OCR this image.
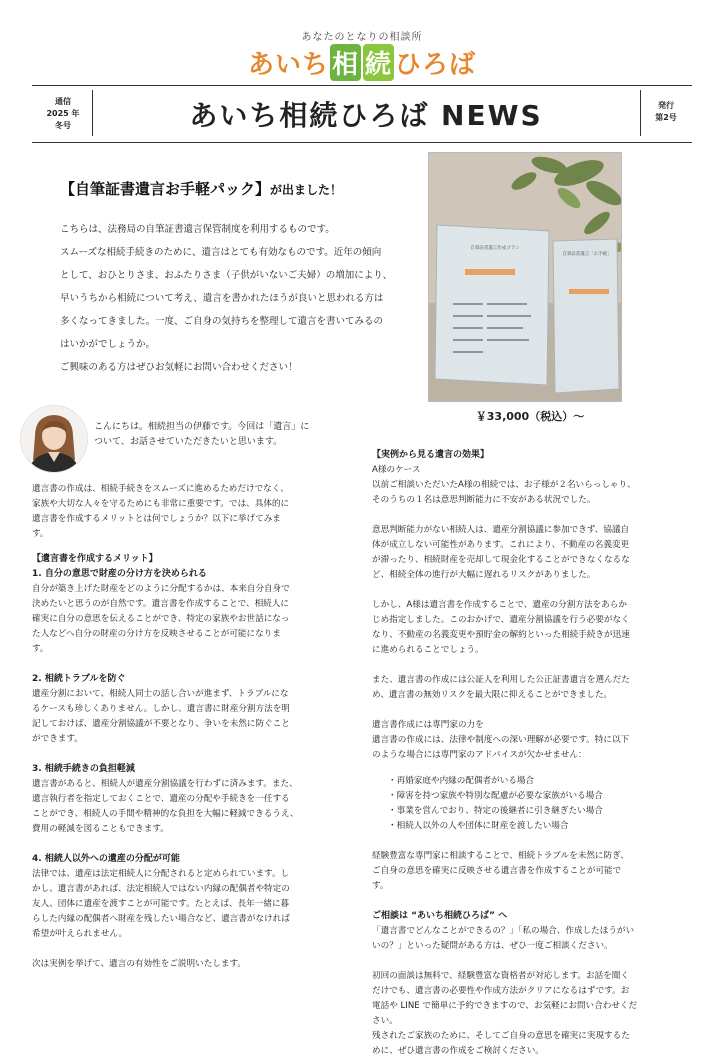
あなたのとなりの相談所
あいち 相 続 ひろば
通信
2025 年
冬号	あいち相続ひろば NEWS	発行
第2号
【自筆証書遺言お手軽パック】が出ました！
こちらは、法務局の自筆証書遺言保管制度を利用するものです。
スムーズな相続手続きのために、遺言はとても有効なものです。近年の傾向
として、おひとりさま、おふたりさま（子供がいないご夫婦）の増加により、
早いうちから相続について考え、遺言を書かれたほうが良いと思われる方は
多くなってきました。一度、ご自身の気持ちを整理して遺言を書いてみるの
はいかがでしょうか。
ご興味のある方はぜひお気軽にお問い合わせください！
自筆証書遺言作成プラン
自筆証書遺言「お手軽」
￥33,000（税込）～
こんにちは。相続担当の伊藤です。今回は「遺言」に
ついて、お話させていただきたいと思います。
遺言書の作成は、相続手続きをスムーズに進めるためだけでなく、
家族や大切な人々を守るためにも非常に重要です。では、具体的に
遺言書を作成するメリットとは何でしょうか？以下に挙げてみま
す。
【遺言書を作成するメリット】
1. 自分の意思で財産の分け方を決められる
自分が築き上げた財産をどのように分配するかは、本来自分自身で
決めたいと思うのが自然です。遺言書を作成することで、相続人に
確実に自分の意思を伝えることができ、特定の家族やお世話になっ
た人などへ自分の財産の分け方を反映させることが可能になりま
す。
2. 相続トラブルを防ぐ
遺産分割において、相続人同士の話し合いが進まず、トラブルにな
るケースも珍しくありません。しかし、遺言書に財産分割方法を明
記しておけば、遺産分割協議が不要となり、争いを未然に防ぐこと
ができます。
3. 相続手続きの負担軽減
遺言書があると、相続人が遺産分割協議を行わずに済みます。また、
遺言執行者を指定しておくことで、遺産の分配や手続きを一任する
ことができ、相続人の手間や精神的な負担を大幅に軽減できるうえ、
費用の軽減を図ることもできます。
4. 相続人以外への遺産の分配が可能
法律では、遺産は法定相続人に分配されると定められています。し
かし、遺言書があれば、法定相続人ではない内縁の配偶者や特定の
友人、団体に遺産を渡すことが可能です。たとえば、長年一緒に暮
らした内縁の配偶者へ財産を残したい場合など、遺言書がなければ
希望が叶えられません。
次は実例を挙げて、遺言の有効性をご説明いたします。
【実例から見る遺言の効果】
A様のケース
以前ご相談いただいたA様の相続では、お子様が２名いらっしゃり、
そのうちの１名は意思判断能力に不安がある状況でした。
意思判断能力がない相続人は、遺産分割協議に参加できず、協議自
体が成立しない可能性があります。これにより、不動産の名義変更
が滞ったり、相続財産を売却して現金化することができなくなるな
ど、相続全体の進行が大幅に遅れるリスクがありました。
しかし、A様は遺言書を作成することで、遺産の分割方法をあらか
じめ指定しました。このおかげで、遺産分割協議を行う必要がなく
なり、不動産の名義変更や預貯金の解約といった相続手続きが迅速
に進められることでしょう。
また、遺言書の作成には公証人を利用した公正証書遺言を選んだた
め、遺言書の無効リスクを最大限に抑えることができました。
遺言書作成には専門家の力を
遺言書の作成には、法律や制度への深い理解が必要です。特に以下
のような場合には専門家のアドバイスが欠かせません：
・再婚家庭や内縁の配偶者がいる場合
・障害を持つ家族や特別な配慮が必要な家族がいる場合
・事業を営んでおり、特定の後継者に引き継ぎたい場合
・相続人以外の人や団体に財産を渡したい場合
経験豊富な専門家に相談することで、相続トラブルを未然に防ぎ、
ご自身の意思を確実に反映させる遺言書を作成することが可能で
す。
ご相談は “あいち相続ひろば” へ
「遺言書でどんなことができるの？」「私の場合、作成したほうがい
いの？」といった疑問がある方は、ぜひ一度ご相談ください。
初回の面談は無料で、経験豊富な資格者が対応します。お話を聞く
だけでも、遺言書の必要性や作成方法がクリアになるはずです。お
電話や LINE で簡単に予約できますので、お気軽にお問い合わせくだ
さい。
残されたご家族のために、そしてご自身の意思を確実に実現するた
めに、ぜひ遺言書の作成をご検討ください。
